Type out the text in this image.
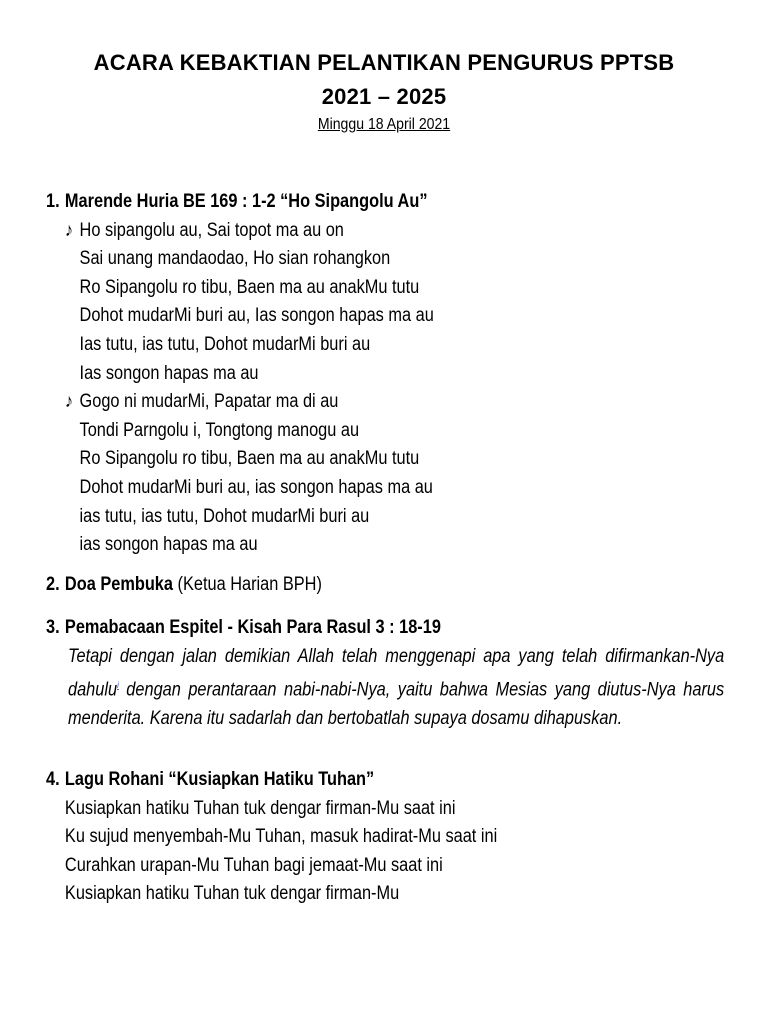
ACARA KEBAKTIAN PELANTIKAN PENGURUS PPTSB
2021 – 2025
Minggu 18 April 2021
1. Marende Huria BE 169 : 1-2 “Ho Sipangolu Au”
♪ Ho sipangolu au, Sai topot ma au on
Sai unang mandaodao, Ho sian rohangkon
Ro Sipangolu ro tibu, Baen ma au anakMu tutu
Dohot mudarMi buri au, Ias songon hapas ma au
Ias tutu, ias tutu, Dohot mudarMi buri au
Ias songon hapas ma au
♪ Gogo ni mudarMi, Papatar ma di au
Tondi Parngolu i, Tongtong manogu au
Ro Sipangolu ro tibu, Baen ma au anakMu tutu
Dohot mudarMi buri au, ias songon hapas ma au
ias tutu, ias tutu, Dohot mudarMi buri au
ias songon hapas ma au
2. Doa Pembuka (Ketua Harian BPH)
3. Pemabacaan Espitel - Kisah Para Rasul 3 : 18-19
Tetapi dengan jalan demikian Allah telah menggenapi apa yang telah difirmankan-Nya dahulu$^i$ dengan perantaraan nabi-nabi-Nya, yaitu bahwa Mesias yang diutus-Nya harus menderita. Karena itu sadarlah dan bertobatlah supaya dosamu dihapuskan.
4. Lagu Rohani “Kusiapkan Hatiku Tuhan”
Kusiapkan hatiku Tuhan tuk dengar firman-Mu saat ini
Ku sujud menyembah-Mu Tuhan, masuk hadirat-Mu saat ini
Curahkan urapan-Mu Tuhan bagi jemaat-Mu saat ini
Kusiapkan hatiku Tuhan tuk dengar firman-Mu
